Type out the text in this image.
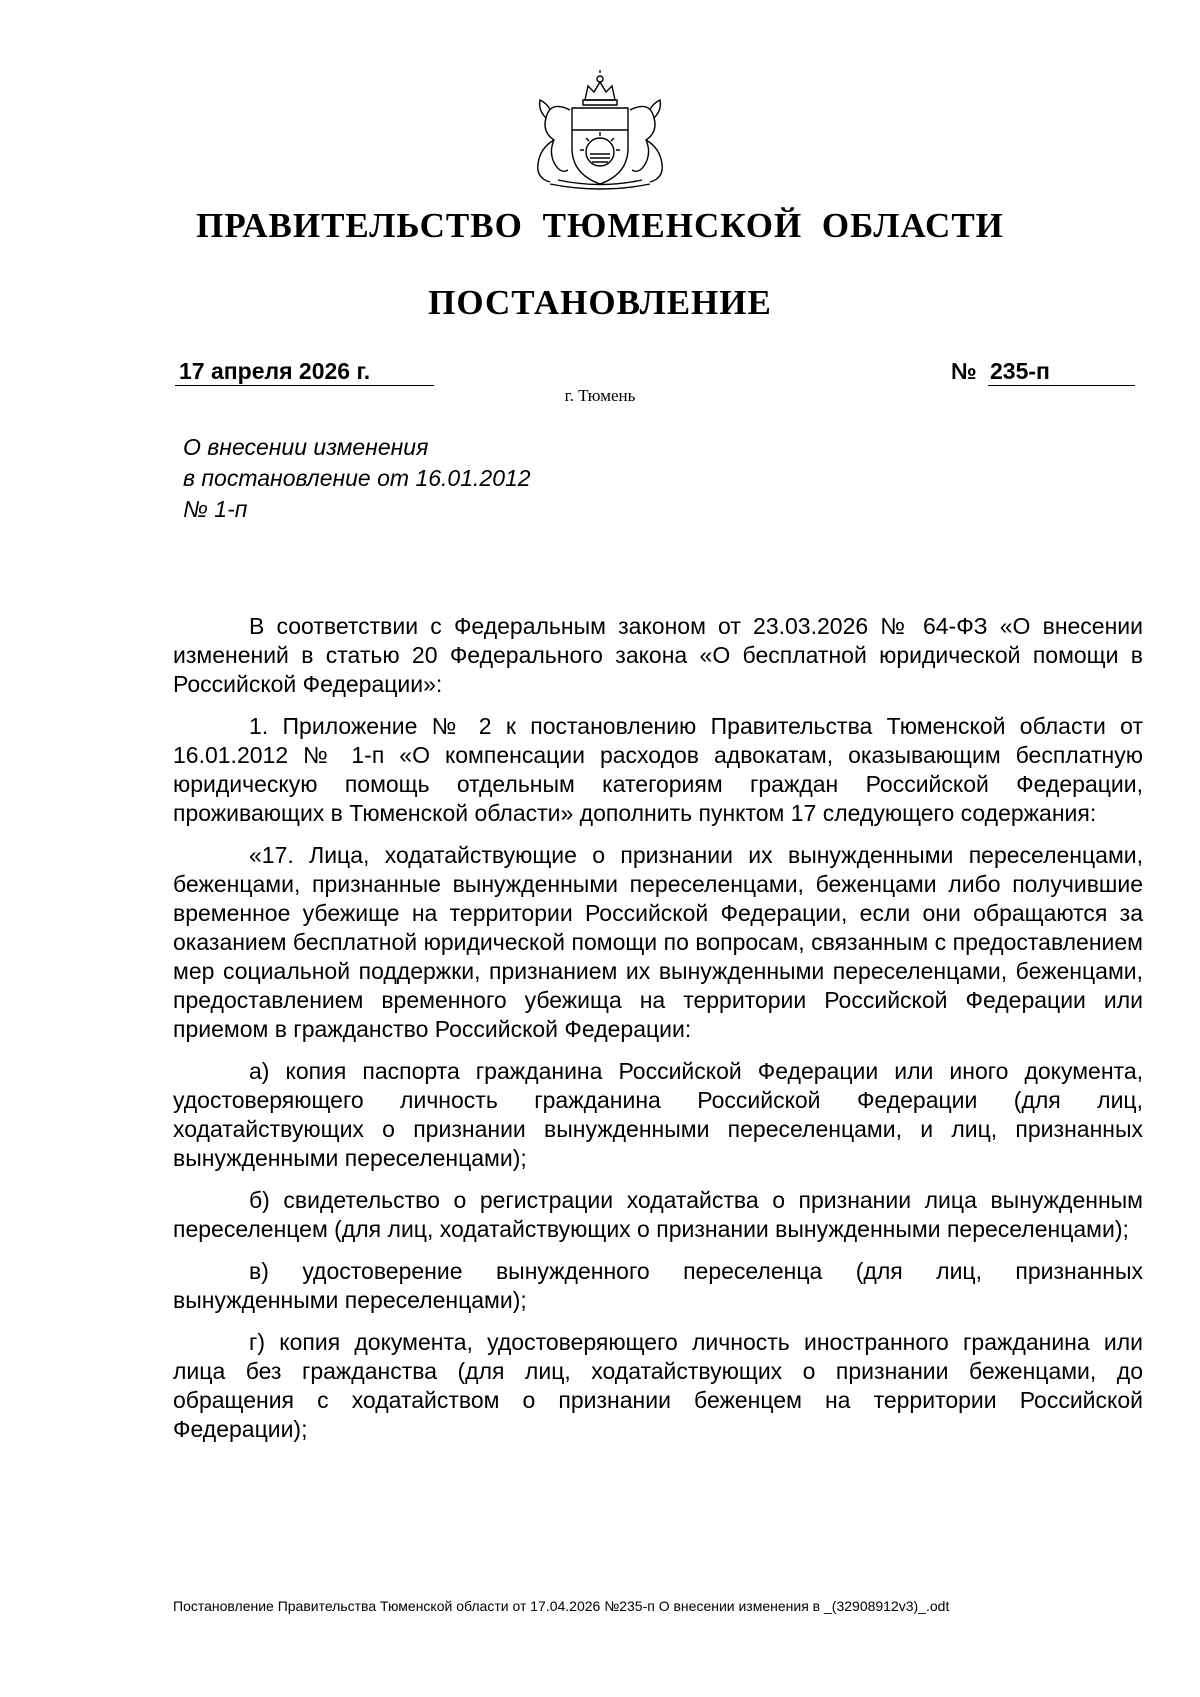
ПРАВИТЕЛЬСТВО ТЮМЕНСКОЙ ОБЛАСТИ
ПОСТАНОВЛЕНИЕ
17 апреля 2026 г.	№ 235-п
г. Тюмень
О внесении изменения
в постановление от 16.01.2012
№ 1-п

В соответствии с Федеральным законом от 23.03.2026 № 64-ФЗ «О внесении изменений в статью 20 Федерального закона «О бесплатной юридической помощи в Российской Федерации»:

1. Приложение № 2 к постановлению Правительства Тюменской области от 16.01.2012 № 1-п «О компенсации расходов адвокатам, оказывающим бесплатную юридическую помощь отдельным категориям граждан Российской Федерации, проживающих в Тюменской области» дополнить пунктом 17 следующего содержания:

«17. Лица, ходатайствующие о признании их вынужденными переселенцами, беженцами, признанные вынужденными переселенцами, беженцами либо получившие временное убежище на территории Российской Федерации, если они обращаются за оказанием бесплатной юридической помощи по вопросам, связанным с предоставлением мер социальной поддержки, признанием их вынужденными переселенцами, беженцами, предоставлением временного убежища на территории Российской Федерации или приемом в гражданство Российской Федерации:

а) копия паспорта гражданина Российской Федерации или иного документа, удостоверяющего личность гражданина Российской Федерации (для лиц, ходатайствующих о признании вынужденными переселенцами, и лиц, признанных вынужденными переселенцами);

б) свидетельство о регистрации ходатайства о признании лица вынужденным переселенцем (для лиц, ходатайствующих о признании вынужденными переселенцами);

в) удостоверение вынужденного переселенца (для лиц, признанных вынужденными переселенцами);

г) копия документа, удостоверяющего личность иностранного гражданина или лица без гражданства (для лиц, ходатайствующих о признании беженцами, до обращения с ходатайством о признании беженцем на территории Российской Федерации);

Постановление Правительства Тюменской области от 17.04.2026 №235-п О внесении изменения в _(32908912v3)_.odt
